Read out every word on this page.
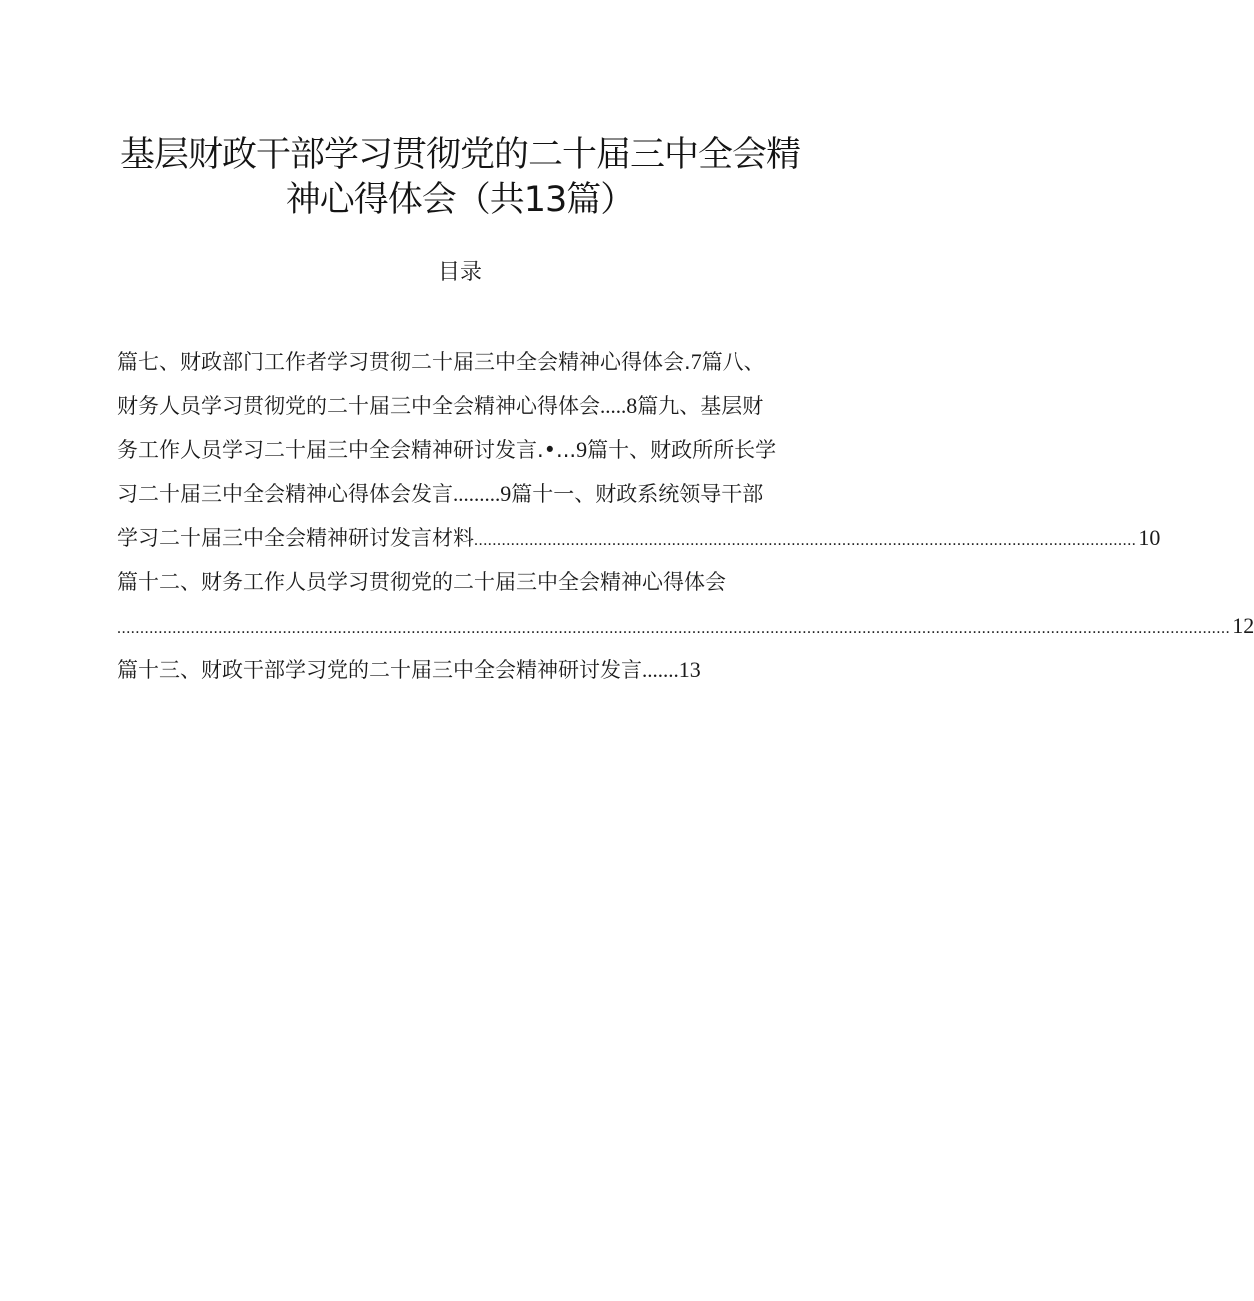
基层财政干部学习贯彻党的二十届三中全会精
神心得体会（共13篇）
目录
篇七、财政部门工作者学习贯彻二十届三中全会精神心得体会.7篇八、
财务人员学习贯彻党的二十届三中全会精神心得体会.....8篇九、基层财
务工作人员学习二十届三中全会精神研讨发言.•...9篇十、财政所所长学
习二十届三中全会精神心得体会发言.........9篇十一、财政系统领导干部
学习二十届三中全会精神研讨发言材料 ................................................................................................................................................ 10
篇十二、财务工作人员学习贯彻党的二十届三中全会精神心得体会
.................................................................................................................................................................................................................................................. 12
篇十三、财政干部学习党的二十届三中全会精神研讨发言.......13
